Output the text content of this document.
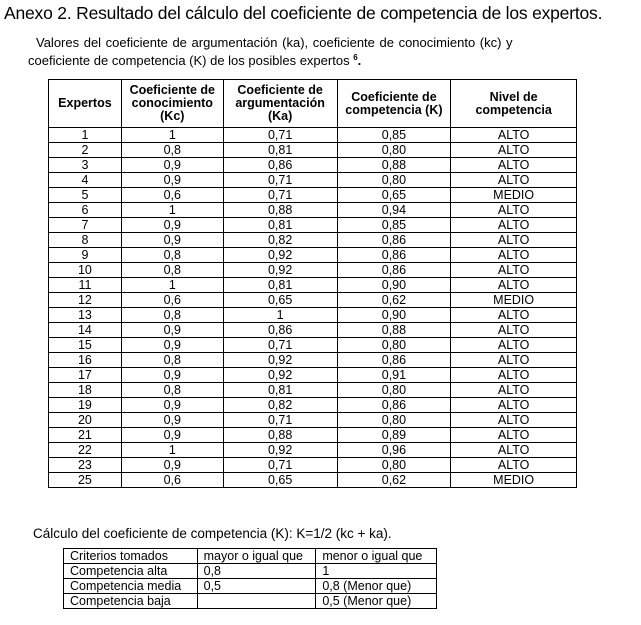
Anexo 2. Resultado del cálculo del coeficiente de competencia de los expertos.
Valores del coeficiente de argumentación (ka), coeficiente de conocimiento (kc) y
coeficiente de competencia (K) de los posibles expertos $^6$.
Expertos	Coeficiente de conocimiento (Kc)	Coeficiente de argumentación (Ka)	Coeficiente de competencia (K)	Nivel de competencia
1	1	0,71	0,85	ALTO
2	0,8	0,81	0,80	ALTO
3	0,9	0,86	0,88	ALTO
4	0,9	0,71	0,80	ALTO
5	0,6	0,71	0,65	MEDIO
6	1	0,88	0,94	ALTO
7	0,9	0,81	0,85	ALTO
8	0,9	0,82	0,86	ALTO
9	0,8	0,92	0,86	ALTO
10	0,8	0,92	0,86	ALTO
11	1	0,81	0,90	ALTO
12	0,6	0,65	0,62	MEDIO
13	0,8	1	0,90	ALTO
14	0,9	0,86	0,88	ALTO
15	0,9	0,71	0,80	ALTO
16	0,8	0,92	0,86	ALTO
17	0,9	0,92	0,91	ALTO
18	0,8	0,81	0,80	ALTO
19	0,9	0,82	0,86	ALTO
20	0,9	0,71	0,80	ALTO
21	0,9	0,88	0,89	ALTO
22	1	0,92	0,96	ALTO
23	0,9	0,71	0,80	ALTO
25	0,6	0,65	0,62	MEDIO
Cálculo del coeficiente de competencia (K): K=1/2 (kc + ka).
Criterios tomados	mayor o igual que	menor o igual que
Competencia alta	0,8	1
Competencia media	0,5	0,8 (Menor que)
Competencia baja		0,5 (Menor que)
